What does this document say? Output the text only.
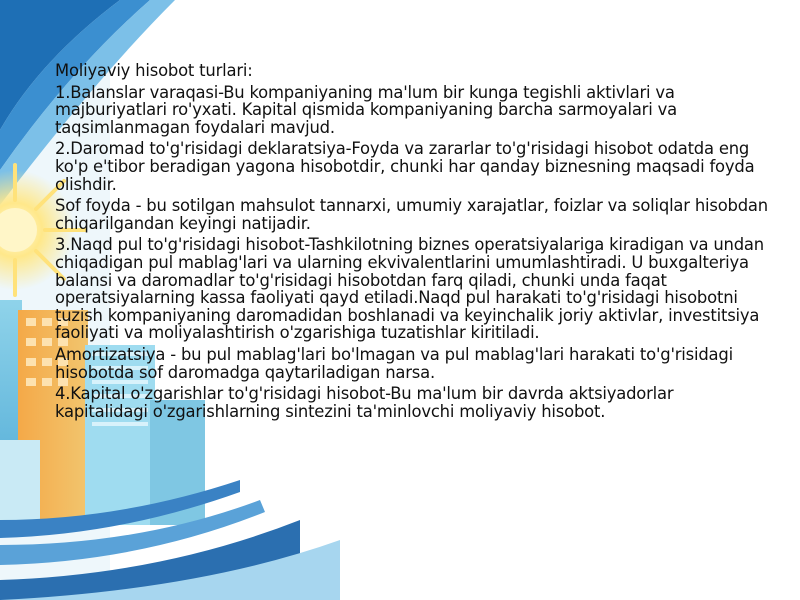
Moliyaviy hisobot turlari:

1.Balanslar varaqasi-Bu kompaniyaning ma'lum bir kunga tegishli aktivlari va majburiyatlari ro'yxati. Kapital qismida kompaniyaning barcha sarmoyalari va taqsimlanmagan foydalari mavjud.

2.Daromad to'g'risidagi deklaratsiya-Foyda va zararlar to'g'risidagi hisobot odatda eng ko'p e'tibor beradigan yagona hisobotdir, chunki har qanday biznesning maqsadi foyda olishdir.

Sof foyda - bu sotilgan mahsulot tannarxi, umumiy xarajatlar, foizlar va soliqlar hisobdan chiqarilgandan keyingi natijadir.

3.Naqd pul to'g'risidagi hisobot-Tashkilotning biznes operatsiyalariga kiradigan va undan chiqadigan pul mablag'lari va ularning ekvivalentlarini umumlashtiradi. U buxgalteriya balansi va daromadlar to'g'risidagi hisobotdan farq qiladi, chunki unda faqat operatsiyalarning kassa faoliyati qayd etiladi.Naqd pul harakati to'g'risidagi hisobotni tuzish kompaniyaning daromadidan boshlanadi va keyinchalik joriy aktivlar, investitsiya faoliyati va moliyalashtirish o'zgarishiga tuzatishlar kiritiladi.

Amortizatsiya - bu pul mablag'lari bo'lmagan va pul mablag'lari harakati to'g'risidagi hisobotda sof daromadga qaytariladigan narsa.

4.Kapital o'zgarishlar to'g'risidagi hisobot-Bu ma'lum bir davrda aktsiyadorlar kapitalidagi o'zgarishlarning sintezini ta'minlovchi moliyaviy hisobot.
